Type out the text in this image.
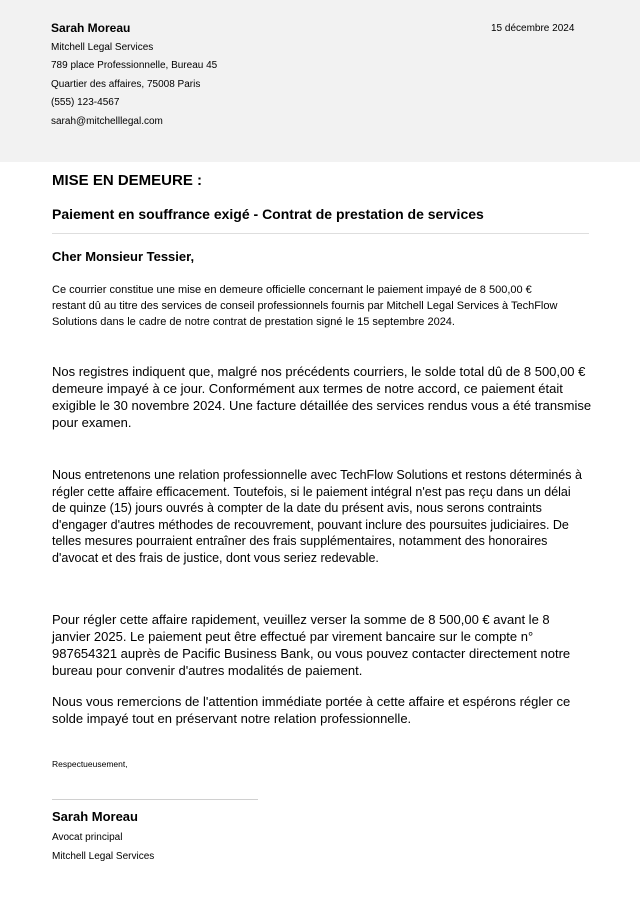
Sarah Moreau
Mitchell Legal Services
789 place Professionnelle, Bureau 45
Quartier des affaires, 75008 Paris
(555) 123-4567
sarah@mitchelllegal.com
15 décembre 2024
MISE EN DEMEURE :
Paiement en souffrance exigé - Contrat de prestation de services
Cher Monsieur Tessier,

Ce courrier constitue une mise en demeure officielle concernant le paiement impayé de 8 500,00 €
restant dû au titre des services de conseil professionnels fournis par Mitchell Legal Services à TechFlow
Solutions dans le cadre de notre contrat de prestation signé le 15 septembre 2024.

Nos registres indiquent que, malgré nos précédents courriers, le solde total dû de 8 500,00 €
demeure impayé à ce jour. Conformément aux termes de notre accord, ce paiement était
exigible le 30 novembre 2024. Une facture détaillée des services rendus vous a été transmise
pour examen.

Nous entretenons une relation professionnelle avec TechFlow Solutions et restons déterminés à
régler cette affaire efficacement. Toutefois, si le paiement intégral n'est pas reçu dans un délai
de quinze (15) jours ouvrés à compter de la date du présent avis, nous serons contraints
d'engager d'autres méthodes de recouvrement, pouvant inclure des poursuites judiciaires. De
telles mesures pourraient entraîner des frais supplémentaires, notamment des honoraires
d'avocat et des frais de justice, dont vous seriez redevable.

Pour régler cette affaire rapidement, veuillez verser la somme de 8 500,00 € avant le 8
janvier 2025. Le paiement peut être effectué par virement bancaire sur le compte n°
987654321 auprès de Pacific Business Bank, ou vous pouvez contacter directement notre
bureau pour convenir d'autres modalités de paiement.

Nous vous remercions de l'attention immédiate portée à cette affaire et espérons régler ce
solde impayé tout en préservant notre relation professionnelle.

Respectueusement,
Sarah Moreau
Avocat principal
Mitchell Legal Services
